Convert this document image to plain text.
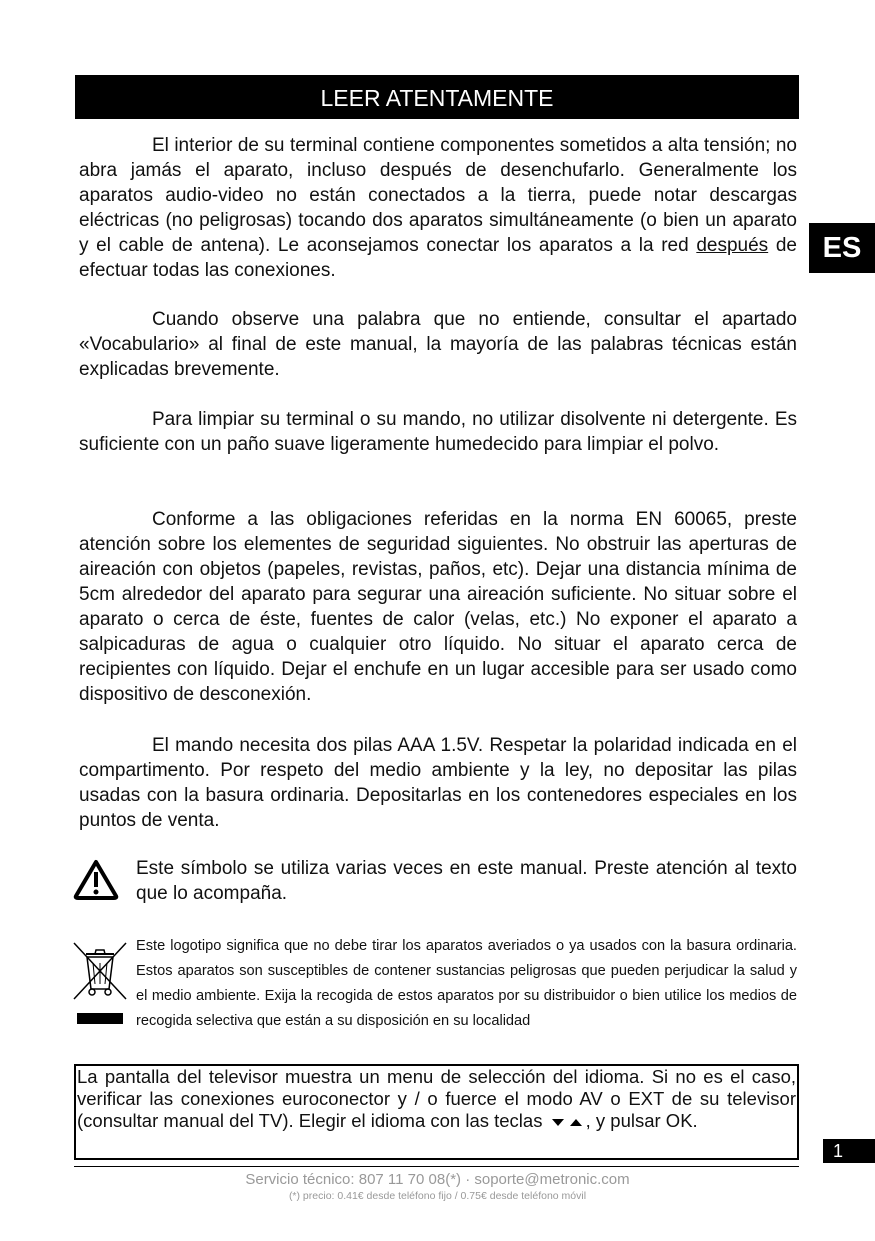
LEER ATENTAMENTE
ES

El interior de su terminal contiene componentes sometidos a alta tensión; no abra jamás el aparato, incluso después de desenchufarlo. Generalmente los aparatos audio-video no están conectados a la tierra, puede notar descargas eléctricas (no peligrosas) tocando dos aparatos simultáneamente (o bien un aparato y el cable de antena). Le aconsejamos conectar los aparatos a la red después de efectuar todas las conexiones.

Cuando observe una palabra que no entiende, consultar el apartado «Vocabulario» al final de este manual, la mayoría de las palabras técnicas están explicadas brevemente.

Para limpiar su terminal o su mando, no utilizar disolvente ni detergente. Es suficiente con un paño suave ligeramente humedecido para limpiar el polvo.

Conforme a las obligaciones referidas en la norma EN 60065, preste atención sobre los elementes de seguridad siguientes. No obstruir las aperturas de aireación con objetos (papeles, revistas, paños, etc). Dejar una distancia mínima de 5cm alrededor del aparato para segurar una aireación suficiente. No situar sobre el aparato o cerca de éste, fuentes de calor (velas, etc.) No exponer el aparato a salpicaduras de agua o cualquier otro líquido. No situar el aparato cerca de recipientes con líquido. Dejar el enchufe en un lugar accesible para ser usado como dispositivo de desconexión.

El mando necesita dos pilas AAA 1.5V. Respetar la polaridad indicada en el compartimento. Por respeto del medio ambiente y la ley, no depositar las pilas usadas con la basura ordinaria. Depositarlas en los contenedores especiales en los puntos de venta.

Este símbolo se utiliza varias veces en este manual. Preste atención al texto que lo acompaña.

Este logotipo significa que no debe tirar los aparatos averiados o ya usados con la basura ordinaria. Estos aparatos son susceptibles de contener sustancias peligrosas que pueden perjudicar la salud y el medio ambiente. Exija la recogida de estos aparatos por su distribuidor o bien utilice los medios de recogida selectiva que están a su disposición en su localidad

La pantalla del televisor muestra un menu de selección del idioma. Si no es el caso, verificar las conexiones euroconector y / o fuerce el modo AV o EXT de su televisor (consultar manual del TV). Elegir el idioma con las teclas , y pulsar OK.

1
Servicio técnico: 807 11 70 08(*) · soporte@metronic.com
(*) precio: 0.41€ desde teléfono fijo / 0.75€ desde teléfono móvil
